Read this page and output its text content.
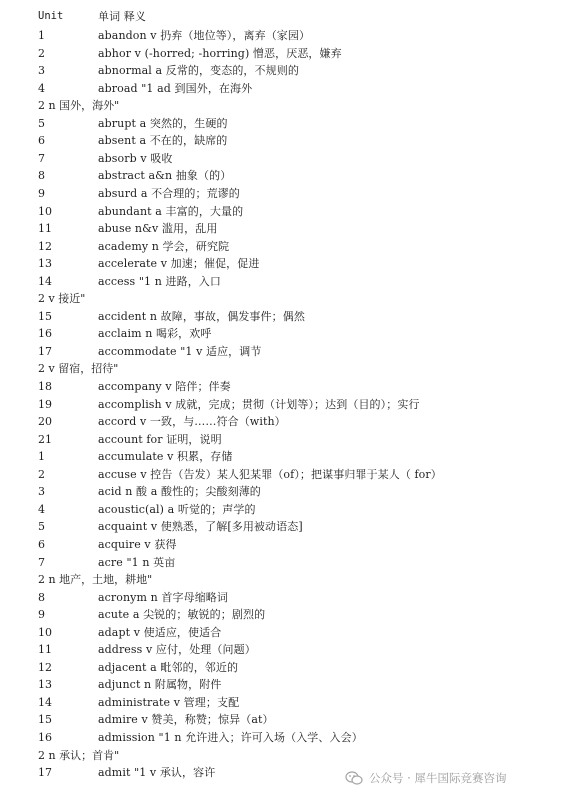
Unit	单词 释义
1	abandon v 扔弃（地位等），离弃（家园）
2	abhor v (-horred; -horring) 憎恶，厌恶，嫌弃
3	abnormal a 反常的，变态的，不规则的
4	abroad "1 ad 到国外，在海外
2 n 国外，海外"
5	abrupt a 突然的，生硬的
6	absent a 不在的，缺席的
7	absorb v 吸收
8	abstract a&n 抽象（的）
9	absurd a 不合理的；荒谬的
10	abundant a 丰富的，大量的
11	abuse n&v 滥用，乱用
12	academy n 学会，研究院
13	accelerate v 加速；催促，促进
14	access "1 n 进路，入口
2 v 接近"
15	accident n 故障，事故，偶发事件；偶然
16	acclaim n 喝彩，欢呼
17	accommodate "1 v 适应，调节
2 v 留宿，招待"
18	accompany v 陪伴；伴奏
19	accomplish v 成就，完成；贯彻（计划等）；达到（目的）；实行
20	accord v 一致，与……符合（with）
21	account for 证明，说明
1	accumulate v 积累，存储
2	accuse v 控告（告发）某人犯某罪（of）；把谋事归罪于某人（ for）
3	acid n 酸 a 酸性的；尖酸刻薄的
4	acoustic(al) a 听觉的；声学的
5	acquaint v 使熟悉，了解[多用被动语态]
6	acquire v 获得
7	acre "1 n 英亩
2 n 地产，土地，耕地"
8	acronym n 首字母缩略词
9	acute a 尖锐的；敏锐的；剧烈的
10	adapt v 使适应，使适合
11	address v 应付，处理（问题）
12	adjacent a 毗邻的，邻近的
13	adjunct n 附属物，附件
14	administrate v 管理；支配
15	admire v 赞美，称赞；惊异（at）
16	admission "1 n 允许进入；许可入场（入学、入会）
2 n 承认；首肯"
17	admit "1 v 承认，容许	公众号 · 犀牛国际竞赛咨询
